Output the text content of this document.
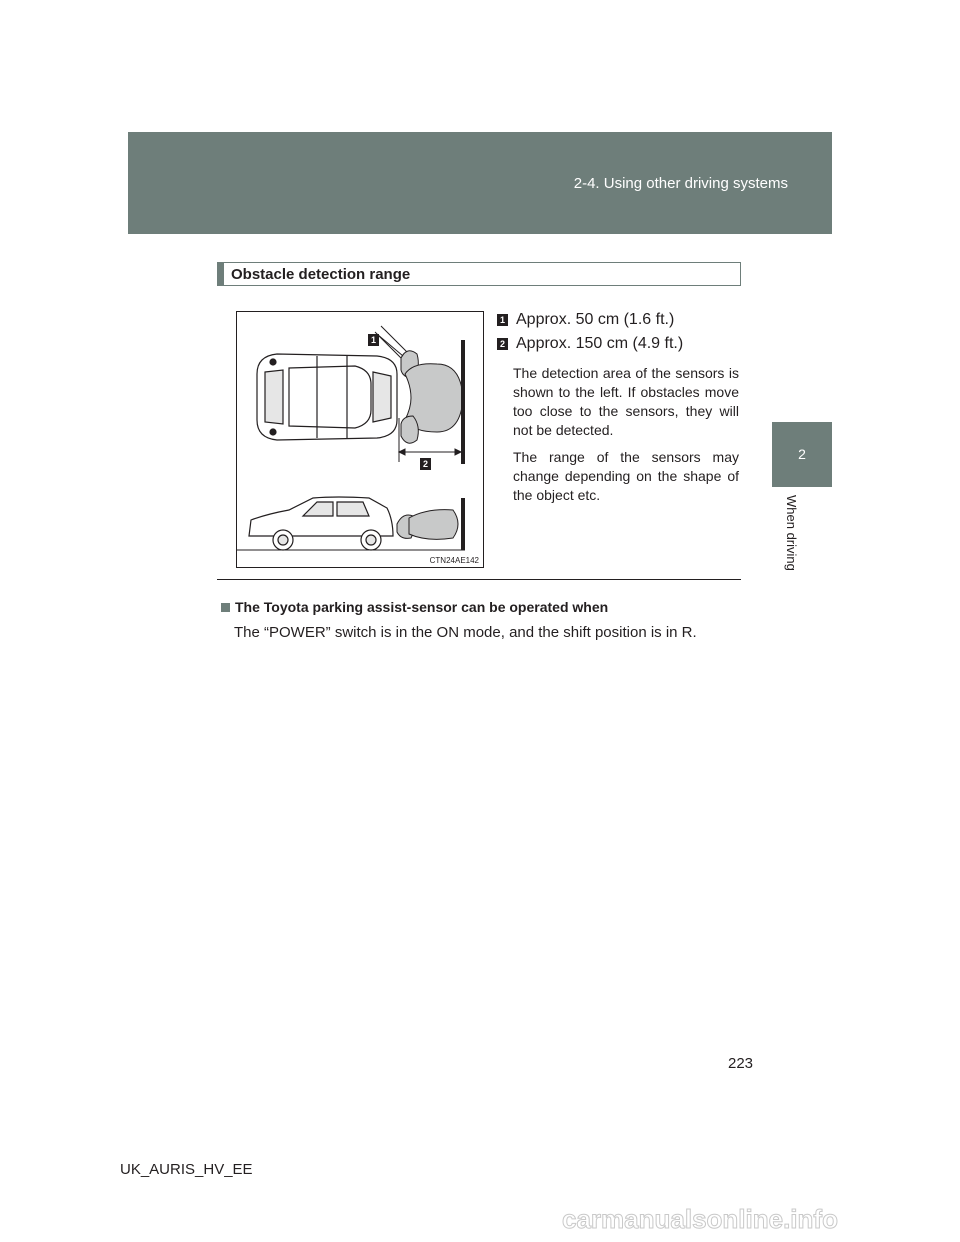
2-4. Using other driving systems
2
When driving
Obstacle detection range
CTN24AE142
1
2
1 Approx. 50 cm (1.6 ft.)
2 Approx. 150 cm (4.9 ft.)
The detection area of the sensors is shown to the left. If obstacles move too close to the sensors, they will not be detected.
The range of the sensors may change depending on the shape of the object etc.
The Toyota parking assist-sensor can be operated when
The “POWER” switch is in the ON mode, and the shift position is in R.
223
UK_AURIS_HV_EE
carmanualsonline.info
